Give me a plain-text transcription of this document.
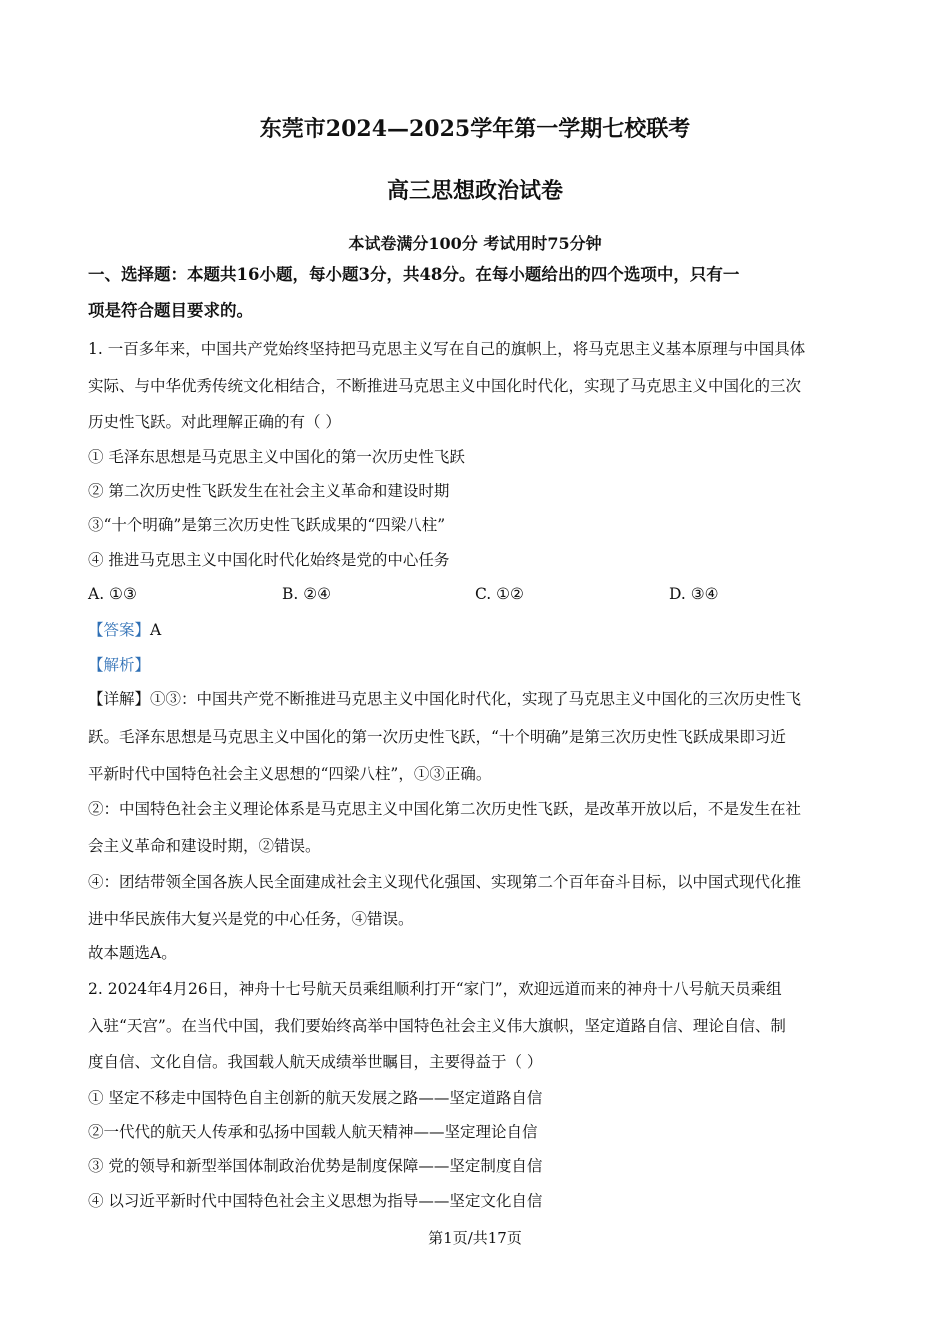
东莞市2024—2025学年第一学期七校联考
高三思想政治试卷
本试卷满分100分 考试用时75分钟
一、选择题：本题共16小题，每小题3分，共48分。在每小题给出的四个选项中，只有一
项是符合题目要求的。
1. 一百多年来，中国共产党始终坚持把马克思主义写在自己的旗帜上，将马克思主义基本原理与中国具体
实际、与中华优秀传统文化相结合，不断推进马克思主义中国化时代化，实现了马克思主义中国化的三次
历史性飞跃。对此理解正确的有（ ）
① 毛泽东思想是马克思主义中国化的第一次历史性飞跃
② 第二次历史性飞跃发生在社会主义革命和建设时期
③“十个明确”是第三次历史性飞跃成果的“四梁八柱”
④ 推进马克思主义中国化时代化始终是党的中心任务
A. ①③	B. ②④	C. ①②	D. ③④
【答案】A
【解析】
【详解】①③：中国共产党不断推进马克思主义中国化时代化，实现了马克思主义中国化的三次历史性飞
跃。毛泽东思想是马克思主义中国化的第一次历史性飞跃，“十个明确”是第三次历史性飞跃成果即习近
平新时代中国特色社会主义思想的“四梁八柱”，①③正确。
②：中国特色社会主义理论体系是马克思主义中国化第二次历史性飞跃，是改革开放以后，不是发生在社
会主义革命和建设时期，②错误。
④：团结带领全国各族人民全面建成社会主义现代化强国、实现第二个百年奋斗目标，以中国式现代化推
进中华民族伟大复兴是党的中心任务，④错误。
故本题选A。
2. 2024年4月26日，神舟十七号航天员乘组顺利打开“家门”，欢迎远道而来的神舟十八号航天员乘组
入驻“天宫”。在当代中国，我们要始终高举中国特色社会主义伟大旗帜，坚定道路自信、理论自信、制
度自信、文化自信。我国载人航天成绩举世瞩目，主要得益于（ ）
① 坚定不移走中国特色自主创新的航天发展之路——坚定道路自信
②一代代的航天人传承和弘扬中国载人航天精神——坚定理论自信
③ 党的领导和新型举国体制政治优势是制度保障——坚定制度自信
④ 以习近平新时代中国特色社会主义思想为指导——坚定文化自信
第1页/共17页
